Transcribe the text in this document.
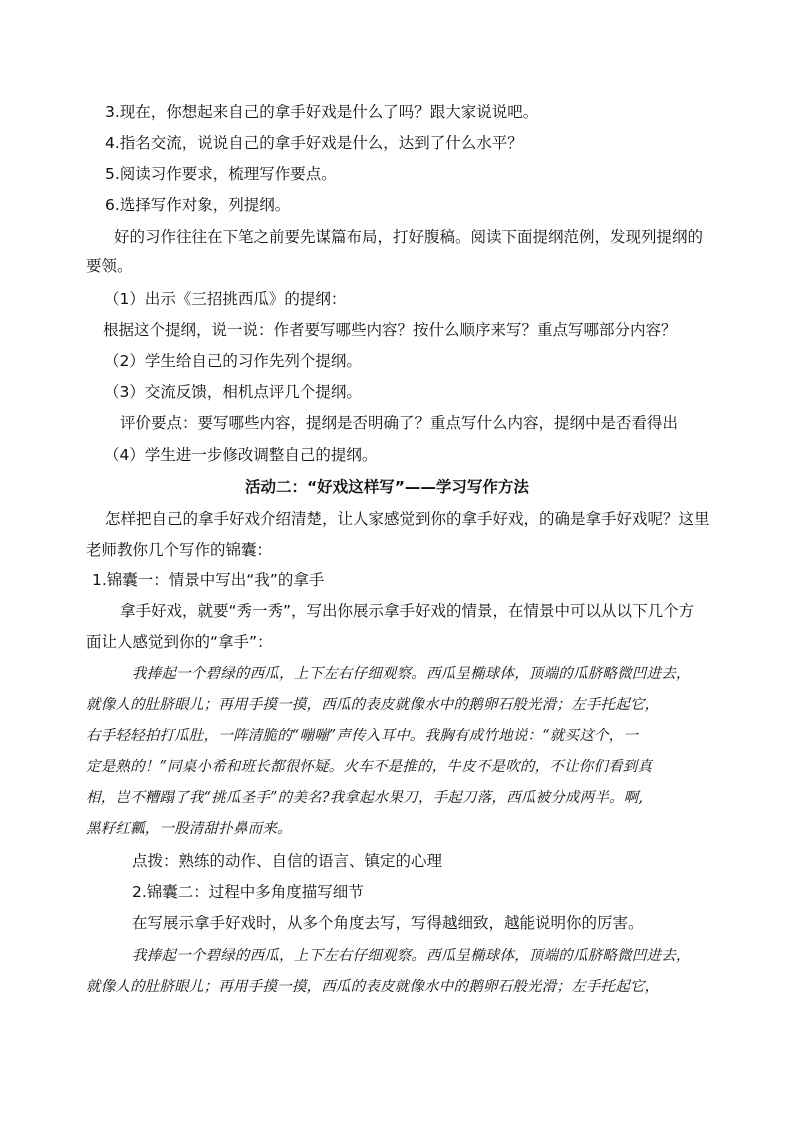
3.现在，你想起来自己的拿手好戏是什么了吗？跟大家说说吧。
4.指名交流，说说自己的拿手好戏是什么，达到了什么水平？
5.阅读习作要求，梳理写作要点。
6.选择写作对象，列提纲。
好的习作往往在下笔之前要先谋篇布局，打好腹稿。阅读下面提纲范例，发现列提纲的
要领。
（1）出示《三招挑西瓜》的提纲：
根据这个提纲，说一说：作者要写哪些内容？按什么顺序来写？重点写哪部分内容？
（2）学生给自己的习作先列个提纲。
（3）交流反馈，相机点评几个提纲。
评价要点：要写哪些内容，提纲是否明确了？重点写什么内容，提纲中是否看得出
（4）学生进一步修改调整自己的提纲。
活动二：“好戏这样写”——学习写作方法
怎样把自己的拿手好戏介绍清楚，让人家感觉到你的拿手好戏，的确是拿手好戏呢？这里
老师教你几个写作的锦囊：
1.锦囊一：情景中写出“我”的拿手
拿手好戏，就要“秀一秀”，写出你展示拿手好戏的情景，在情景中可以从以下几个方
面让人感觉到你的“拿手”：
我捧起一个碧绿的西瓜，上下左右仔细观察。西瓜呈椭球体，顶端的瓜脐略微凹进去，
就像人的肚脐眼儿；再用手摸一摸，西瓜的表皮就像水中的鹅卵石般光滑；左手托起它，
右手轻轻拍打瓜肚，一阵清脆的“嘣嘣”声传入耳中。我胸有成竹地说：“就买这个，一
定是熟的！”同桌小希和班长都很怀疑。火车不是推的，牛皮不是吹的，不让你们看到真
相，岂不糟蹋了我“挑瓜圣手”的美名?我拿起水果刀，手起刀落，西瓜被分成两半。啊,
黑籽红瓤，一股清甜扑鼻而来。
点拨：熟练的动作、自信的语言、镇定的心理
2.锦囊二：过程中多角度描写细节
在写展示拿手好戏时，从多个角度去写，写得越细致，越能说明你的厉害。
我捧起一个碧绿的西瓜，上下左右仔细观察。西瓜呈椭球体，顶端的瓜脐略微凹进去，
就像人的肚脐眼儿；再用手摸一摸，西瓜的表皮就像水中的鹅卵石般光滑；左手托起它，
